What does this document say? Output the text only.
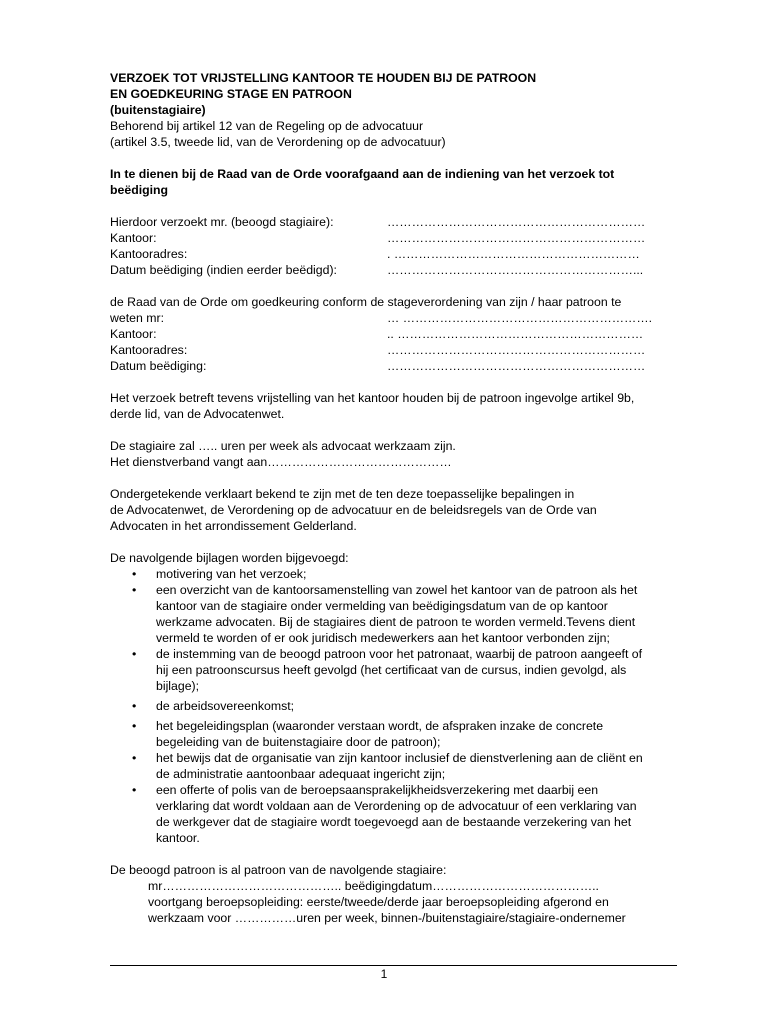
VERZOEK TOT VRIJSTELLING KANTOOR TE HOUDEN BIJ DE PATROON

EN GOEDKEURING STAGE EN PATROON

(buitenstagiaire)

Behorend bij artikel 12 van de Regeling op de advocatuur

(artikel 3.5, tweede lid, van de Verordening op de advocatuur)

In te dienen bij de Raad van de Orde voorafgaand aan de indiening van het verzoek tot

beëdiging

Hierdoor verzoekt mr. (beoogd stagiaire):	………………………………………………………
Kantoor:	………………………………………………………
Kantooradres:	. ……………………………………………………
Datum beëdiging (indien eerder beëdigd):	……………………………………………………...

de Raad van de Orde om goedkeuring conform de stageverordening van zijn / haar patroon te

weten mr:	… …………………………………………………….
Kantoor:	.. ……………………………………………………
Kantooradres:	………………………………………………………
Datum beëdiging:	………………………………………………………

Het verzoek betreft tevens vrijstelling van het kantoor houden bij de patroon ingevolge artikel 9b,

derde lid, van de Advocatenwet.

De stagiaire zal ….. uren per week als advocaat werkzaam zijn.

Het dienstverband vangt aan………………………………………

Ondergetekende verklaart bekend te zijn met de ten deze toepasselijke bepalingen in

de Advocatenwet, de Verordening op de advocatuur en de beleidsregels van de Orde van

Advocaten in het arrondissement Gelderland.

De navolgende bijlagen worden bijgevoegd:

• motivering van het verzoek;

• een overzicht van de kantoorsamenstelling van zowel het kantoor van de patroon als het

kantoor van de stagiaire onder vermelding van beëdigingsdatum van de op kantoor

werkzame advocaten. Bij de stagiaires dient de patroon te worden vermeld.Tevens dient

vermeld te worden of er ook juridisch medewerkers aan het kantoor verbonden zijn;

• de instemming van de beoogd patroon voor het patronaat, waarbij de patroon aangeeft of

hij een patroonscursus heeft gevolgd (het certificaat van de cursus, indien gevolgd, als

bijlage);

• de arbeidsovereenkomst;

• het begeleidingsplan (waaronder verstaan wordt, de afspraken inzake de concrete

begeleiding van de buitenstagiaire door de patroon);

• het bewijs dat de organisatie van zijn kantoor inclusief de dienstverlening aan de cliënt en

de administratie aantoonbaar adequaat ingericht zijn;

• een offerte of polis van de beroepsaansprakelijkheidsverzekering met daarbij een

verklaring dat wordt voldaan aan de Verordening op de advocatuur of een verklaring van

de werkgever dat de stagiaire wordt toegevoegd aan de bestaande verzekering van het

kantoor.

De beoogd patroon is al patroon van de navolgende stagiaire:

mr…………………………………….. beëdigingdatum…………………………………..

voortgang beroepsopleiding: eerste/tweede/derde jaar beroepsopleiding afgerond en

werkzaam voor ……………uren per week, binnen-/buitenstagiaire/stagiaire-ondernemer

1
